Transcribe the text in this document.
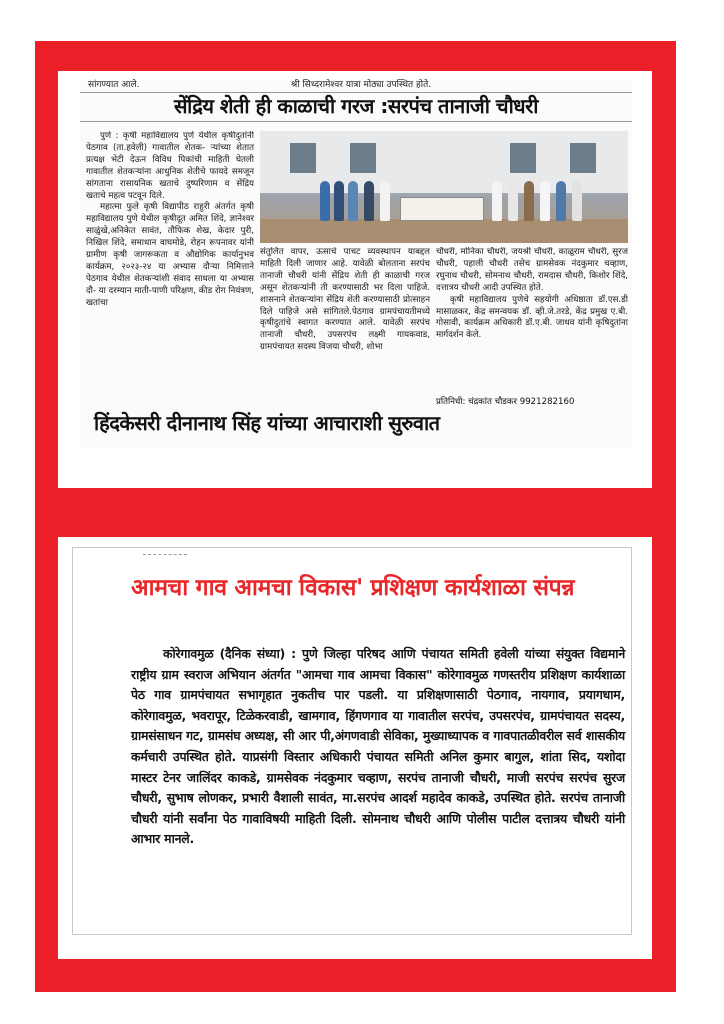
सांगण्यात आले.	श्री सिध्दरामेश्वर यात्रा मोठ्या उपस्थित होते.
सेंद्रिय शेती ही काळाची गरज :सरपंच तानाजी चौधरी

पुणे : कृषी महाविद्यालय पुणे येथील कृषीदुतांनी पेठगाव (ता.हवेली) गावातील शेतक- र्‍यांच्या शेतात प्रत्यक्ष भेटी देऊन विविध पिकांची माहिती घेतली गावातील शेतकर्‍यांना आधुनिक शेतीचे फायदे समजून सांगताना रासायनिक खताचे दुष्परिणाम व सेंद्रिय खताचे महत्व पटवून दिले.

महात्मा फुले कृषी विद्यापीठ राहुरी अंतर्गत कृषी महाविद्यालय पुणे येथील कृषीदूत अमित शिंदे, ज्ञानेश्वर साळुंखे,अनिकेत सावंत, तौफिक शेख, केदार पुरी, निखिल शिंदे, समाधान वाघमोडे, रोहन रूपनावर यांनी ग्रामीण कृषी जागरूकता व औद्योगिक कार्यानुभव कार्यक्रम, २०२३-२४ या अभ्यास दौऱ्या निमित्ताने पेठगाव येथील शेतकऱ्यांशी संवाद साधला या अभ्यास दौ- या दरम्यान माती-पाणी परिक्षण, कीड रोग नियंत्रण, खतांचा

संतुलित वापर, ऊसाचे पाचट व्यवस्थापन याबद्दल माहिती दिली जाणार आहे. यावेळी बोलताना सरपंच तानाजी चौधरी यांनी सेंद्रिय शेती ही काळाची गरज असून शेतकऱ्यांनी ती करण्यासाठी भर दिला पाहिजे. शासनाने शेतकऱ्यांना सेंद्रिय शेती करण्यासाठी प्रोत्साहन दिले पाहिजे असे सांगितले.पेठगाव ग्रामपंचायतीमध्ये कृषीदुतांचे स्वागत करण्यात आले. यावेळी सरपंच तानाजी चौधरी, उपसरपंच लक्ष्मी गायकवाड, ग्रामपंचायत सदस्य विजया चौधरी, शोभा

चौधरी, मोनिका चौधरी, जयश्री चौधरी, काळूराम चौधरी, सुरज चौधरी, पहाली चौधरी तसेच ग्रामसेवक नंदकुमार चव्हाण, रघुनाथ चौधरी, सोमनाथ चौधरी, रामदास चौधरी, किशोर शिंदे, दत्तात्रय चौधरी आदी उपस्थित होते.

कृषी महाविद्यालय पुणेचे सहयोगी अधिष्ठाता डॉ.एस.डी मासाळकर, केंद्र समन्वयक डॉ. व्ही.जे.तरडे, केंद्र प्रमुख ए.बी. गोसावी, कार्यक्रम अधिकारी डॉ.ए.बी. जाधव यांनी कृषिदुतांना मार्गदर्शन केले.

प्रतिनिधी: चंद्रकांत चौडकर 9921282160
हिंदकेसरी दीनानाथ सिंह यांच्या आचाराशी सुरुवात
आमचा गाव आमचा विकास' प्रशिक्षण कार्यशाळा संपन्न
कोरेगावमुळ (दैनिक संध्या) : पुणे जिल्हा परिषद आणि पंचायत समिती हवेली यांच्या संयुक्त विद्यमाने राष्ट्रीय ग्राम स्वराज अभियान अंतर्गत "आमचा गाव आमचा विकास" कोरेगावमुळ गणस्तरीय प्रशिक्षण कार्यशाळा पेठ गाव ग्रामपंचायत सभागृहात नुकतीच पार पडली. या प्रशिक्षणासाठी पेठगाव, नायगाव, प्रयागधाम, कोरेगावमुळ, भवरापूर, टिळेकरवाडी, खामगाव, हिंगणगाव या गावातील सरपंच, उपसरपंच, ग्रामपंचायत सदस्य, ग्रामसंसाधन गट, ग्रामसंघ अध्यक्ष, सी आर पी,अंगणवाडी सेविका, मुख्याध्यापक व गावपातळीवरील सर्व शासकीय कर्मचारी उपस्थित होते. याप्रसंगी विस्तार अधिकारी पंचायत समिती अनिल कुमार बागुल, शांता सिद, यशोदा मास्टर टेनर जालिंदर काकडे, ग्रामसेवक नंदकुमार चव्हाण, सरपंच तानाजी चौधरी, माजी सरपंच सरपंच सुरज चौधरी, सुभाष लोणकर, प्रभारी वैशाली सावंत, मा.सरपंच आदर्श महादेव काकडे, उपस्थित होते. सरपंच तानाजी चौधरी यांनी सर्वांना पेठ गावाविषयी माहिती दिली. सोमनाथ चौधरी आणि पोलीस पाटील दत्तात्रय चौधरी यांनी आभार मानले.
